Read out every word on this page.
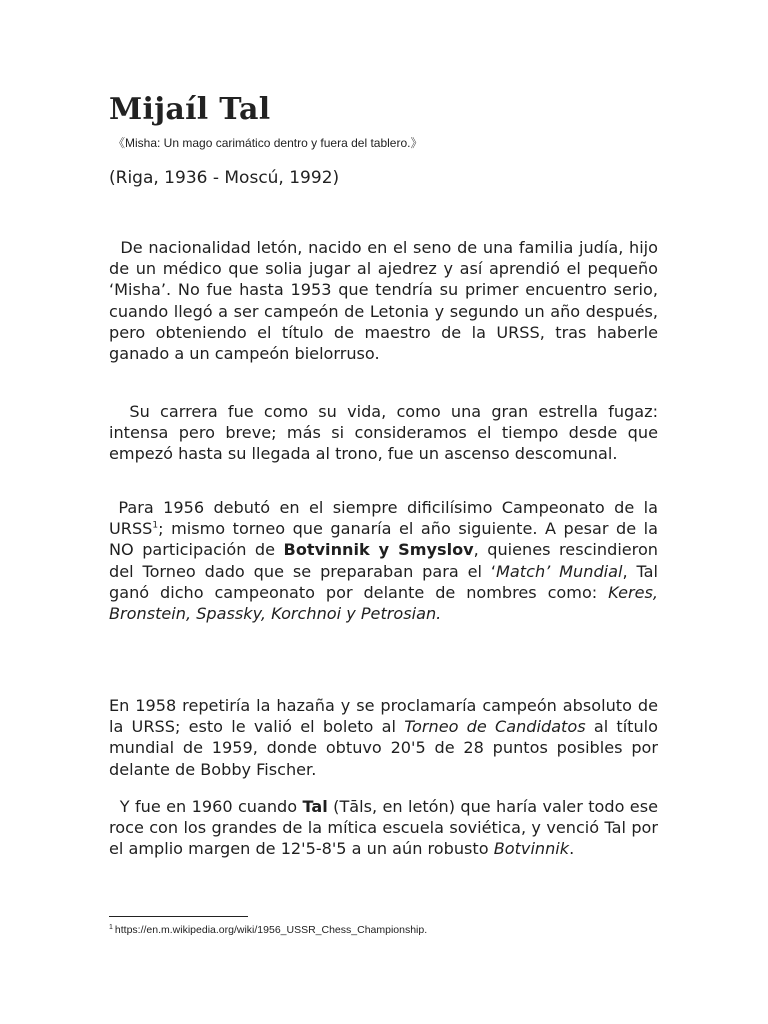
Mijaíl Tal
《Misha: Un mago carimático dentro y fuera del tablero.》
(Riga, 1936 - Moscú, 1992)

De nacionalidad letón, nacido en el seno de una familia judía, hijo de un médico que solia jugar al ajedrez y así aprendió el pequeño ‘Misha’. No fue hasta 1953 que tendría su primer encuentro serio, cuando llegó a ser campeón de Letonia y segundo un año después, pero obteniendo el título de maestro de la URSS, tras haberle ganado a un campeón bielorruso.

Su carrera fue como su vida, como una gran estrella fugaz: intensa pero breve; más si consideramos el tiempo desde que empezó hasta su llegada al trono, fue un ascenso descomunal.

Para 1956 debutó en el siempre dificilísimo Campeonato de la URSS$^1$; mismo torneo que ganaría el año siguiente. A pesar de la NO participación de Botvinnik y Smyslov, quienes rescindieron del Torneo dado que se preparaban para el ‘Match’ Mundial, Tal ganó dicho campeonato por delante de nombres como: Keres, Bronstein, Spassky, Korchnoi y Petrosian.

En 1958 repetiría la hazaña y se proclamaría campeón absoluto de la URSS; esto le valió el boleto al Torneo de Candidatos al título mundial de 1959, donde obtuvo 20'5 de 28 puntos posibles por delante de Bobby Fischer.

Y fue en 1960 cuando Tal (Tāls, en letón) que haría valer todo ese roce con los grandes de la mítica escuela soviética, y venció Tal por el amplio margen de 12'5-8'5 a un aún robusto Botvinnik.

$^1$ https://en.m.wikipedia.org/wiki/1956_USSR_Chess_Championship.
